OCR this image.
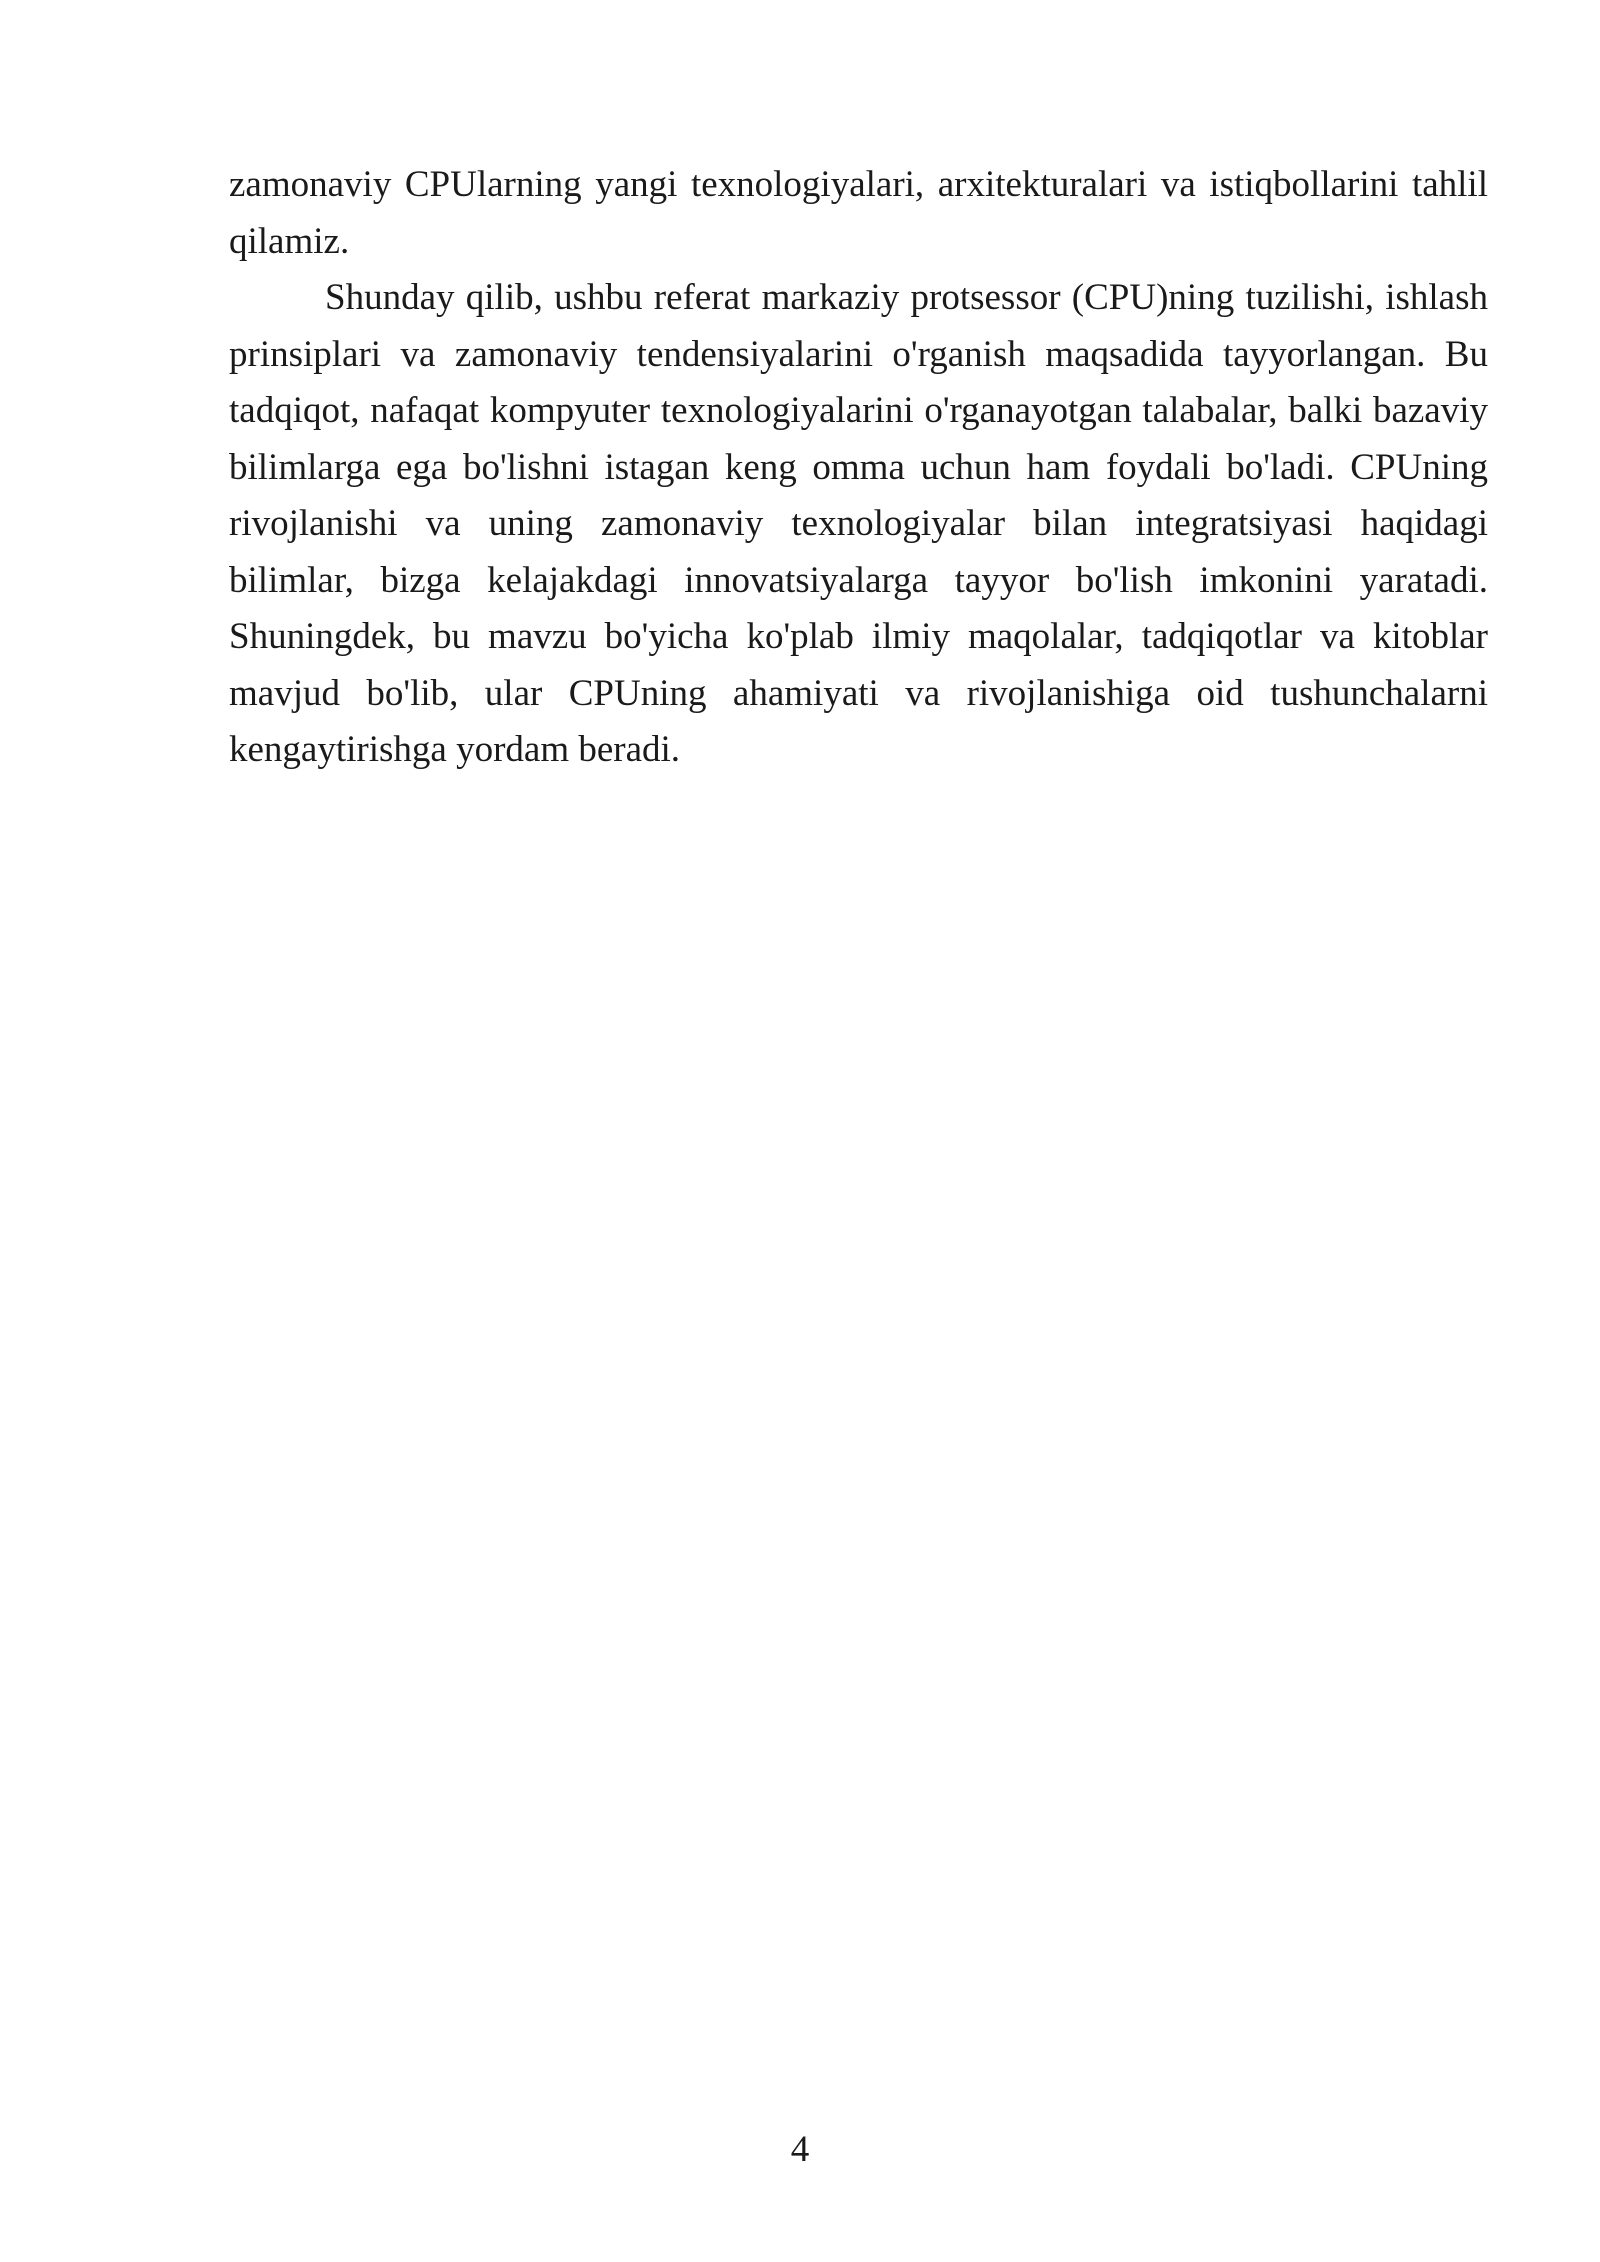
zamonaviy CPUlarning yangi texnologiyalari, arxitekturalari va istiqbollarini tahlil qilamiz.

Shunday qilib, ushbu referat markaziy protsessor (CPU)ning tuzilishi, ishlash prinsiplari va zamonaviy tendensiyalarini o'rganish maqsadida tayyorlangan. Bu tadqiqot, nafaqat kompyuter texnologiyalarini o'rganayotgan talabalar, balki bazaviy bilimlarga ega bo'lishni istagan keng omma uchun ham foydali bo'ladi. CPUning rivojlanishi va uning zamonaviy texnologiyalar bilan integratsiyasi haqidagi bilimlar, bizga kelajakdagi innovatsiyalarga tayyor bo'lish imkonini yaratadi. Shuningdek, bu mavzu bo'yicha ko'plab ilmiy maqolalar, tadqiqotlar va kitoblar mavjud bo'lib, ular CPUning ahamiyati va rivojlanishiga oid tushunchalarni kengaytirishga yordam beradi.

4
